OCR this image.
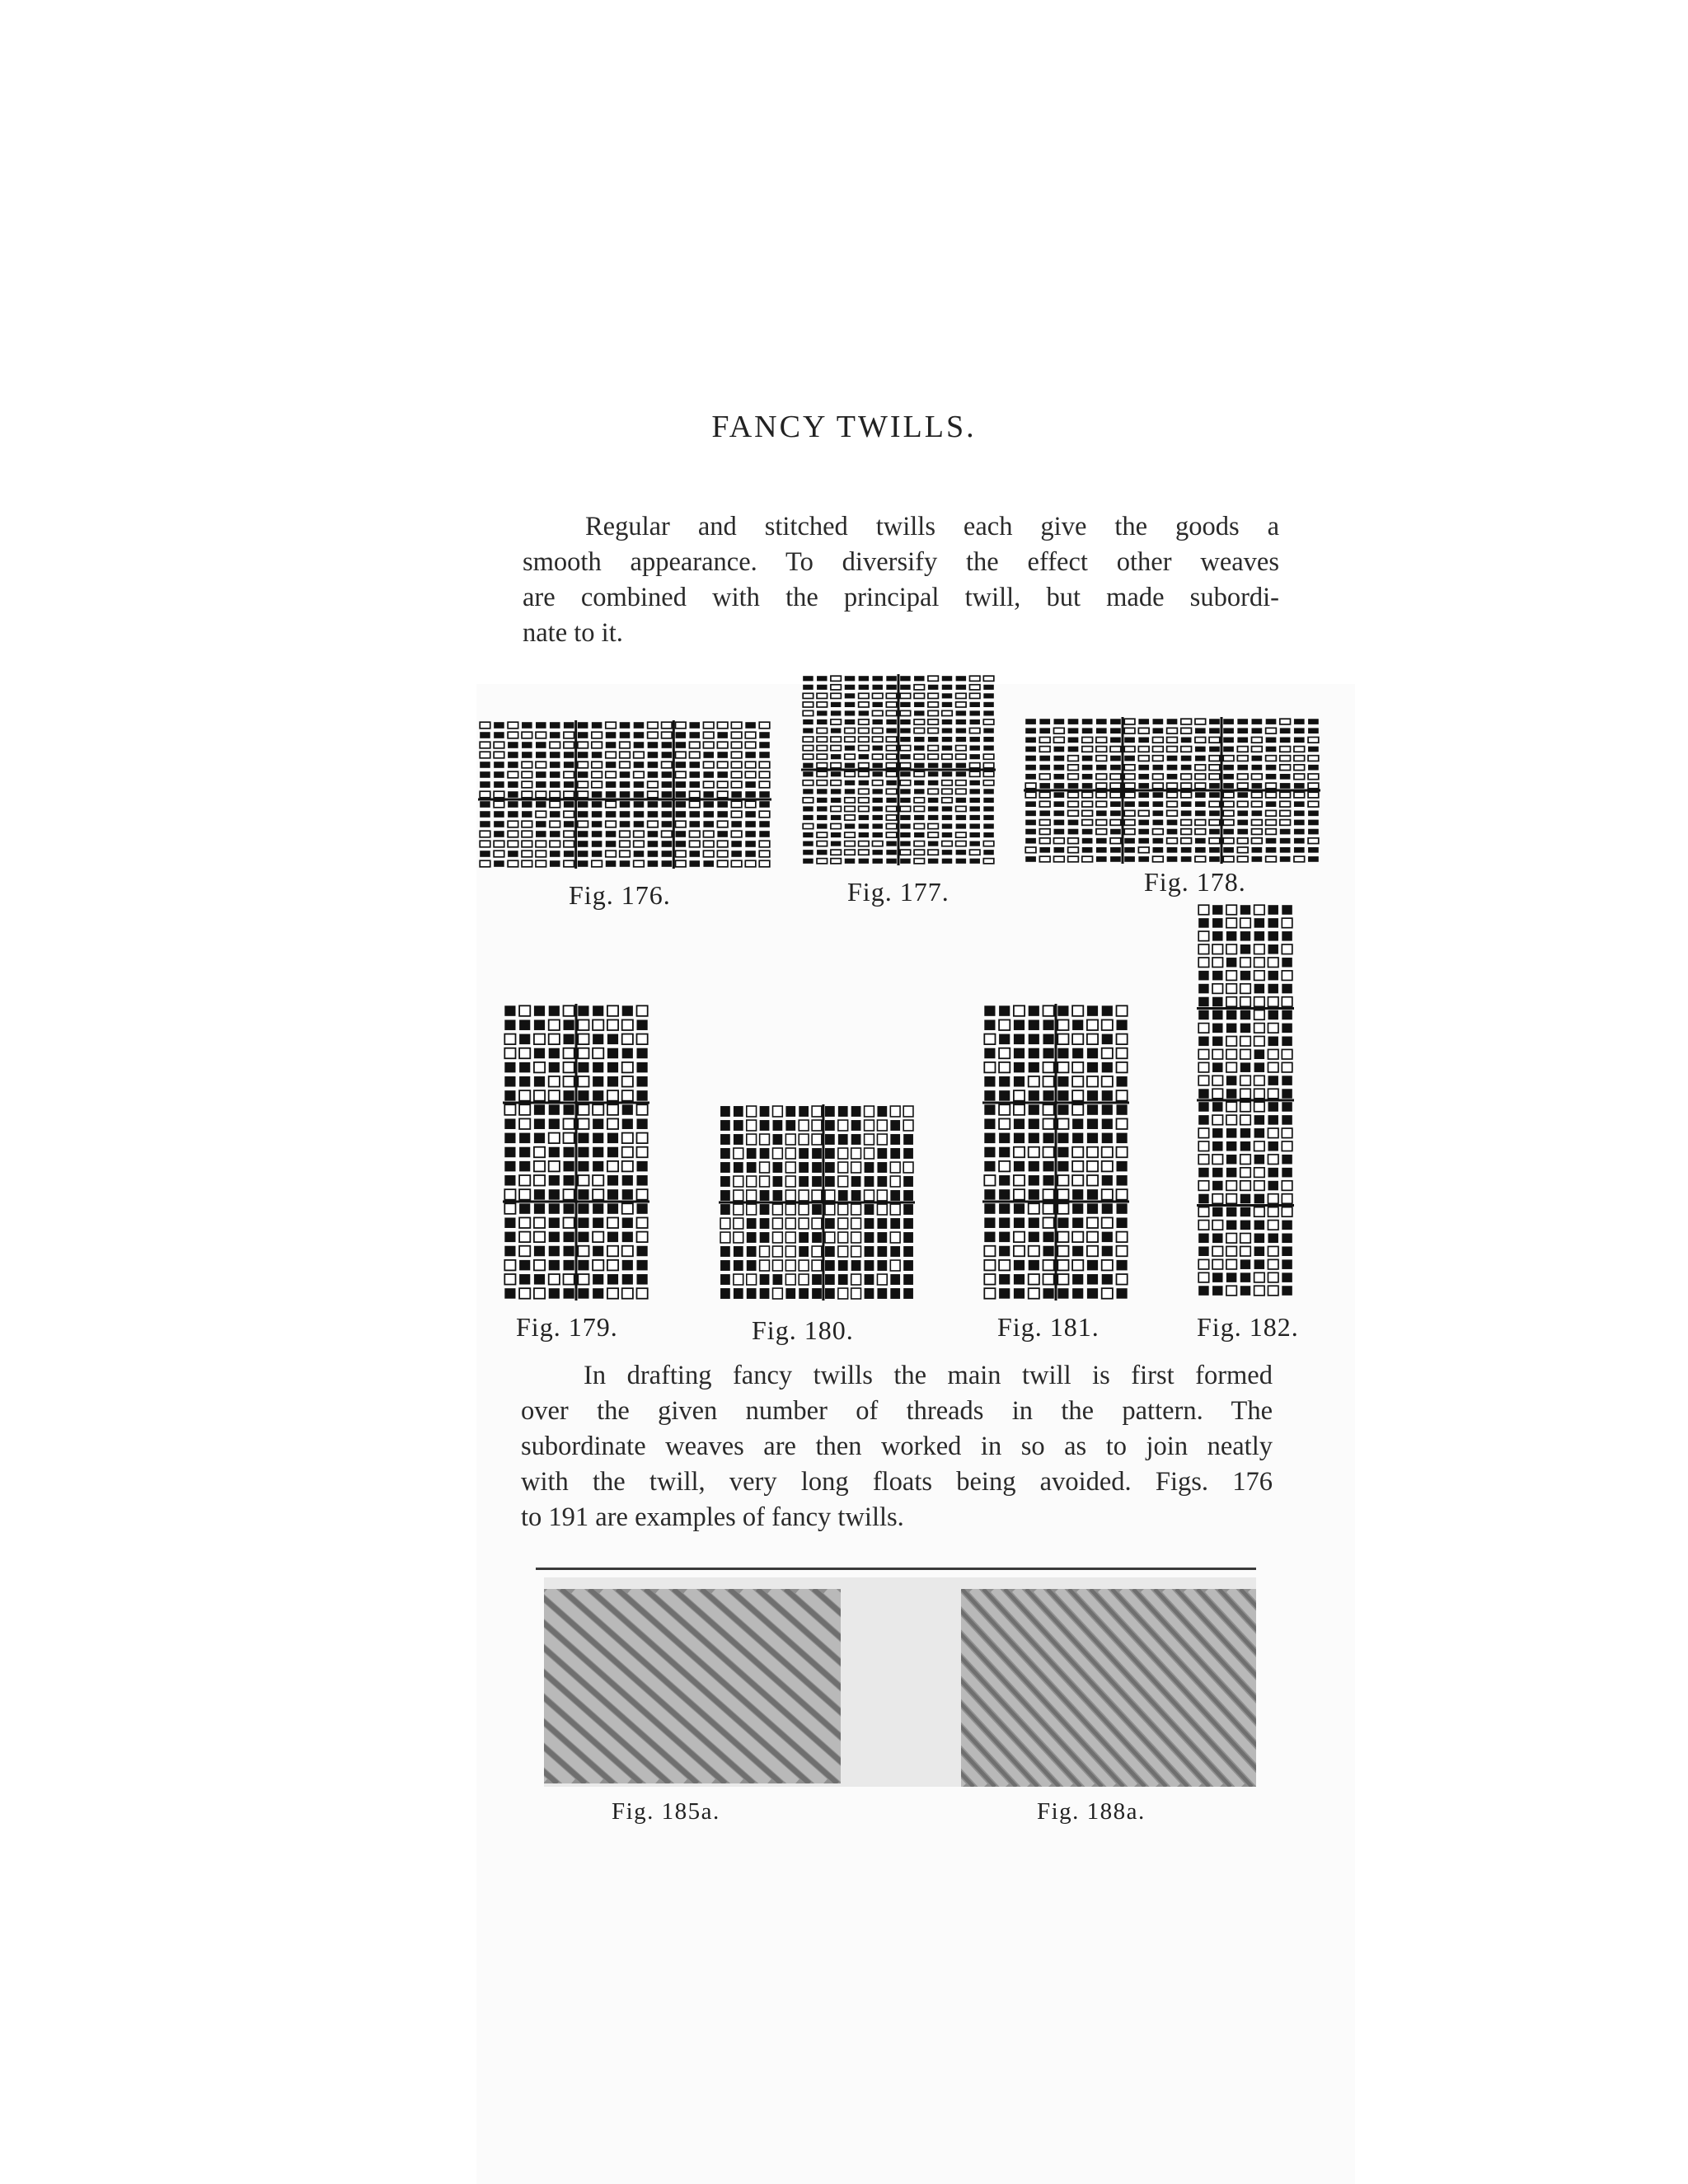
FANCY TWILLS.
Regular and stitched twills each give the goods a
smooth appearance. To diversify the effect other weaves
are combined with the principal twill, but made subordi-
nate to it.
Fig. 176.	Fig. 177.	Fig. 178.
Fig. 179.	Fig. 180.	Fig. 181.	Fig. 182.
In drafting fancy twills the main twill is first formed
over the given number of threads in the pattern. The
subordinate weaves are then worked in so as to join neatly
with the twill, very long floats being avoided. Figs. 176
to 191 are examples of fancy twills.
Fig. 185a.	Fig. 188a.
